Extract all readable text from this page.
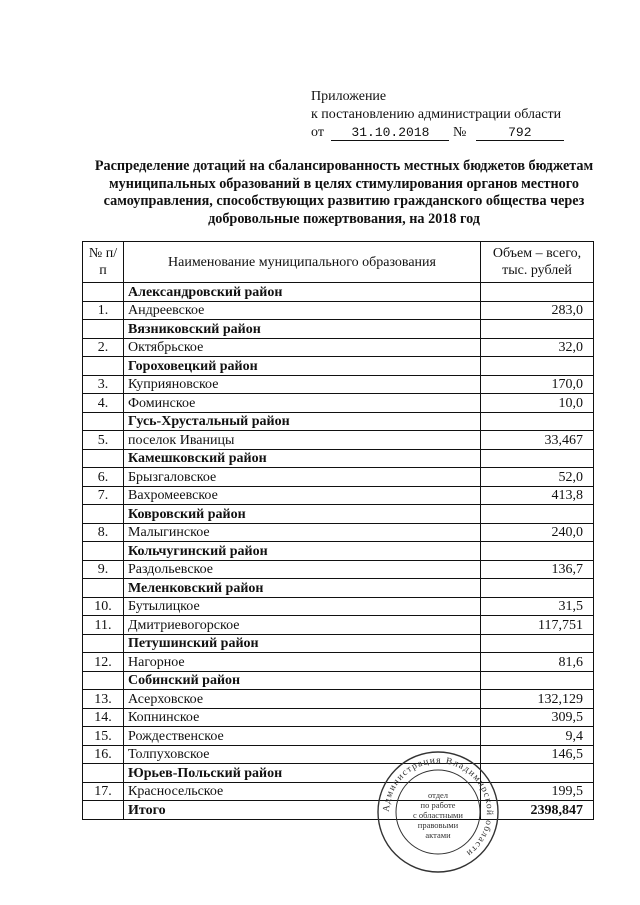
Приложение
к постановлению администрации области
от 31.10.2018 №	792
Распределение дотаций на сбалансированность местных бюджетов бюджетам муниципальных образований в целях стимулирования органов местного самоуправления, способствующих развитию гражданского общества через добровольные пожертвования, на 2018 год
№ п/п	Наименование муниципального образования	Объем – всего, тыс. рублей
	Александровский район	
1.	Андреевское	283,0
	Вязниковский район	
2.	Октябрьское	32,0
	Гороховецкий район	
3.	Куприяновское	170,0
4.	Фоминское	10,0
	Гусь-Хрустальный район	
5.	поселок Иваницы	33,467
	Камешковский район	
6.	Брызгаловское	52,0
7.	Вахромеевское	413,8
	Ковровский район	
8.	Малыгинское	240,0
	Кольчугинский район	
9.	Раздольевское	136,7
	Меленковский район	
10.	Бутылицкое	31,5
11.	Дмитриевогорское	117,751
	Петушинский район	
12.	Нагорное	81,6
	Собинский район	
13.	Асерховское	132,129
14.	Копнинское	309,5
15.	Рождественское	9,4
16.	Толпуховское	146,5
	Юрьев-Польский район	
17.	Красносельское	199,5
	Итого	2398,847
Администрация Владимирской области
отдел
по работе
с областными
правовыми
актами
